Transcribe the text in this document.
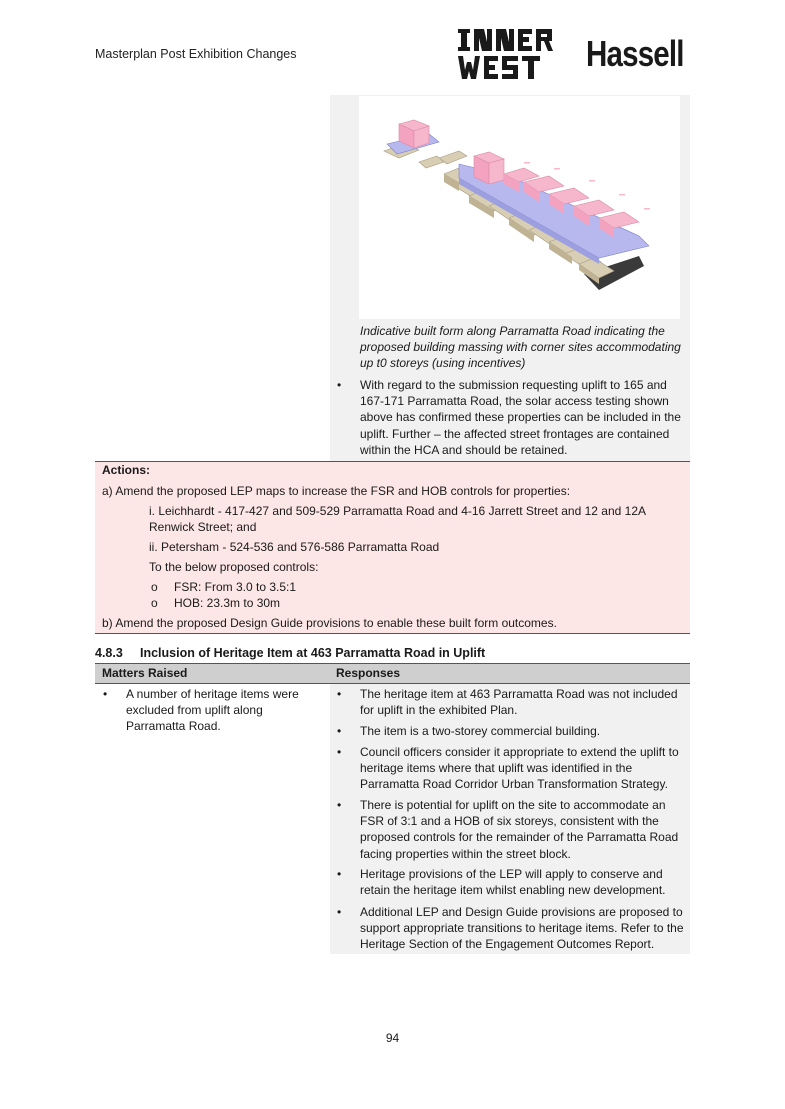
Masterplan Post Exhibition Changes	Hassell
Indicative built form along Parramatta Road indicating the proposed building massing with corner sites accommodating up t0 storeys (using incentives)
• With regard to the submission requesting uplift to 165 and 167-171 Parramatta Road, the solar access testing shown above has confirmed these properties can be included in the uplift. Further – the affected street frontages are contained within the HCA and should be retained.
Actions:
a) Amend the proposed LEP maps to increase the FSR and HOB controls for properties:
i. Leichhardt - 417-427 and 509-529 Parramatta Road and 4-16 Jarrett Street and 12 and 12A Renwick Street; and
ii. Petersham - 524-536 and 576-586 Parramatta Road
To the below proposed controls:
o FSR: From 3.0 to 3.5:1
o HOB: 23.3m to 30m
b) Amend the proposed Design Guide provisions to enable these built form outcomes.
4.8.3 Inclusion of Heritage Item at 463 Parramatta Road in Uplift
Matters Raised	Responses
• A number of heritage items were excluded from uplift along Parramatta Road.
• The heritage item at 463 Parramatta Road was not included for uplift in the exhibited Plan.
• The item is a two-storey commercial building.
• Council officers consider it appropriate to extend the uplift to heritage items where that uplift was identified in the Parramatta Road Corridor Urban Transformation Strategy.
• There is potential for uplift on the site to accommodate an FSR of 3:1 and a HOB of six storeys, consistent with the proposed controls for the remainder of the Parramatta Road facing properties within the street block.
• Heritage provisions of the LEP will apply to conserve and retain the heritage item whilst enabling new development.
• Additional LEP and Design Guide provisions are proposed to support appropriate transitions to heritage items. Refer to the Heritage Section of the Engagement Outcomes Report.
94
